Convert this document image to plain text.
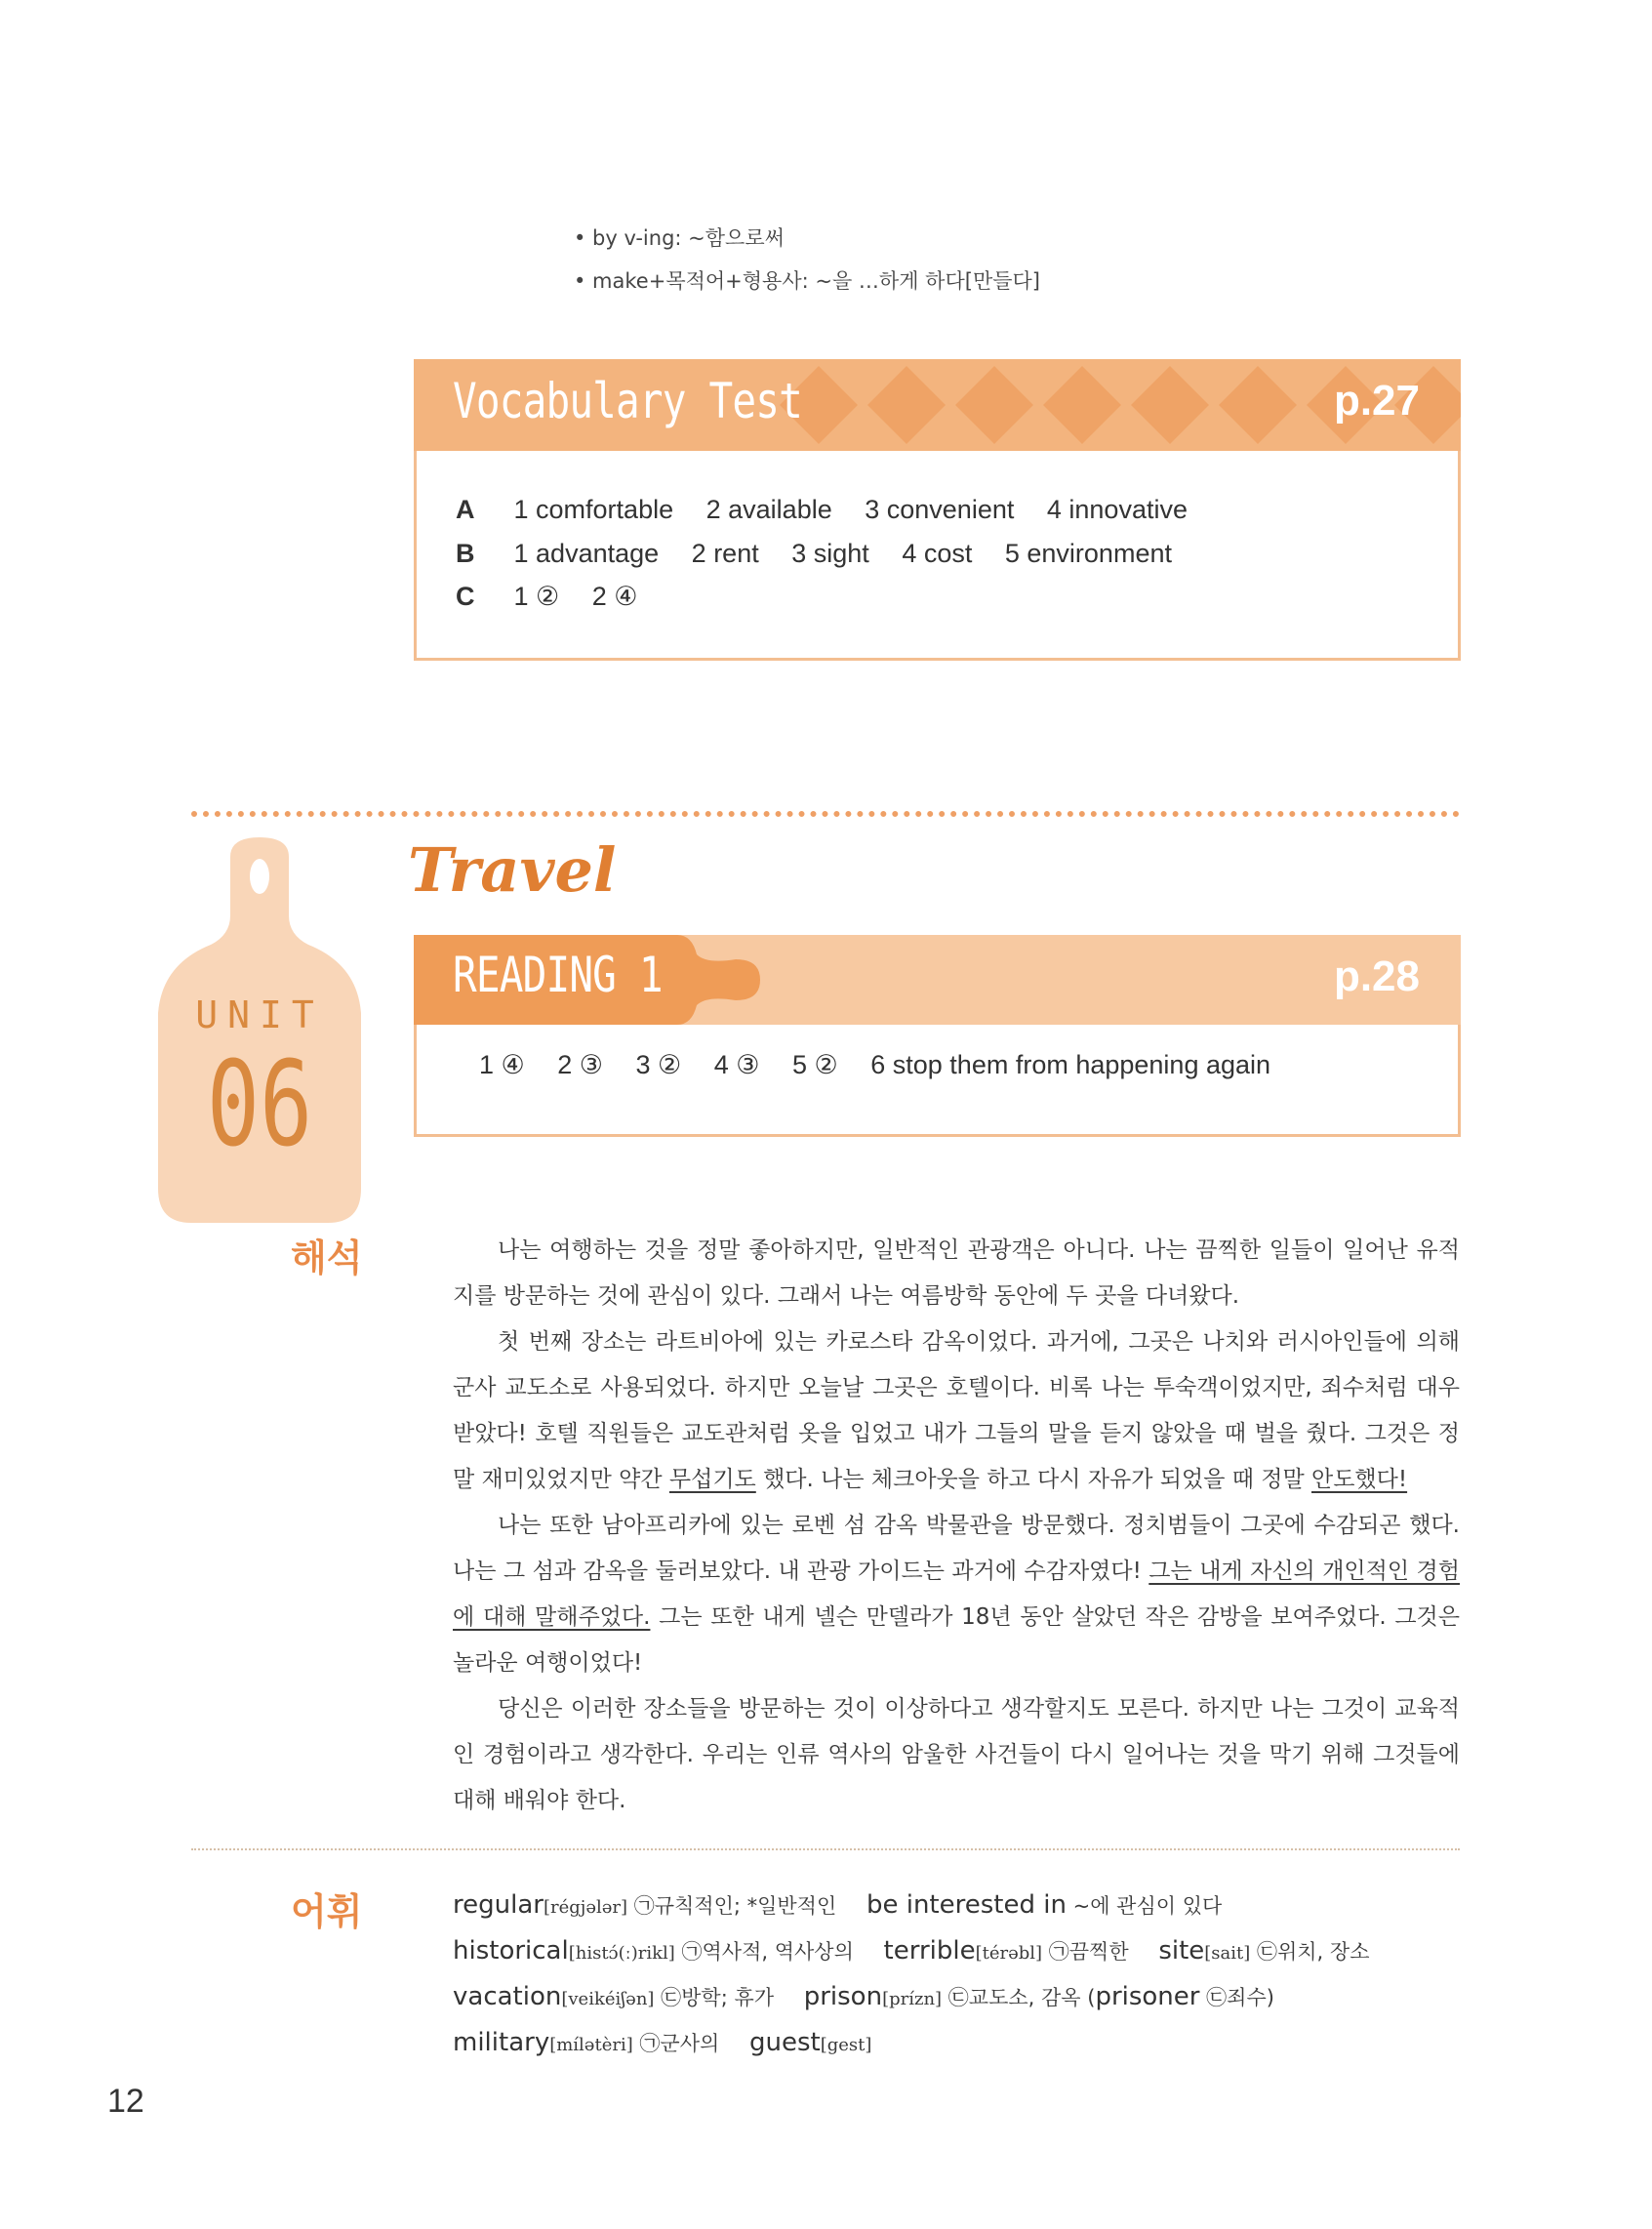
• by v-ing: ~함으로써
• make+목적어+형용사: ~을 …하게 하다[만들다]
Vocabulary Test	p.27
A 1 comfortable 2 available 3 convenient 4 innovative
B 1 advantage 2 rent 3 sight 4 cost 5 environment
C 1 ② 2 ④
UNIT
06
Travel
READING 1	p.28
1 ④ 2 ③ 3 ② 4 ③ 5 ② 6 stop them from happening again
해석	나는 여행하는 것을 정말 좋아하지만, 일반적인 관광객은 아니다. 나는 끔찍한 일들이 일어난 유적지를 방문하는 것에 관심이 있다. 그래서 나는 여름방학 동안에 두 곳을 다녀왔다.

첫 번째 장소는 라트비아에 있는 카로스타 감옥이었다. 과거에, 그곳은 나치와 러시아인들에 의해 군사 교도소로 사용되었다. 하지만 오늘날 그곳은 호텔이다. 비록 나는 투숙객이었지만, 죄수처럼 대우받았다! 호텔 직원들은 교도관처럼 옷을 입었고 내가 그들의 말을 듣지 않았을 때 벌을 줬다. 그것은 정말 재미있었지만 약간 무섭기도 했다. 나는 체크아웃을 하고 다시 자유가 되었을 때 정말 안도했다!

나는 또한 남아프리카에 있는 로벤 섬 감옥 박물관을 방문했다. 정치범들이 그곳에 수감되곤 했다. 나는 그 섬과 감옥을 둘러보았다. 내 관광 가이드는 과거에 수감자였다! 그는 내게 자신의 개인적인 경험에 대해 말해주었다. 그는 또한 내게 넬슨 만델라가 18년 동안 살았던 작은 감방을 보여주었다. 그것은 놀라운 여행이었다!

당신은 이러한 장소들을 방문하는 것이 이상하다고 생각할지도 모른다. 하지만 나는 그것이 교육적인 경험이라고 생각한다. 우리는 인류 역사의 암울한 사건들이 다시 일어나는 것을 막기 위해 그것들에 대해 배워야 한다.

어휘	regular[régjələr] ㉠규칙적인; *일반적인 be interested in ~에 관심이 있다 historical[histɔ́(ː)rikl] ㉠역사적, 역사상의 terrible[térəbl] ㉠끔찍한 site[sait] ㉢위치, 장소 vacation[veikéiʃən] ㉢방학; 휴가 prison[prízn] ㉢교도소, 감옥 (prisoner ㉢죄수) military[mílətèri] ㉠군사의 guest[gest]
12
